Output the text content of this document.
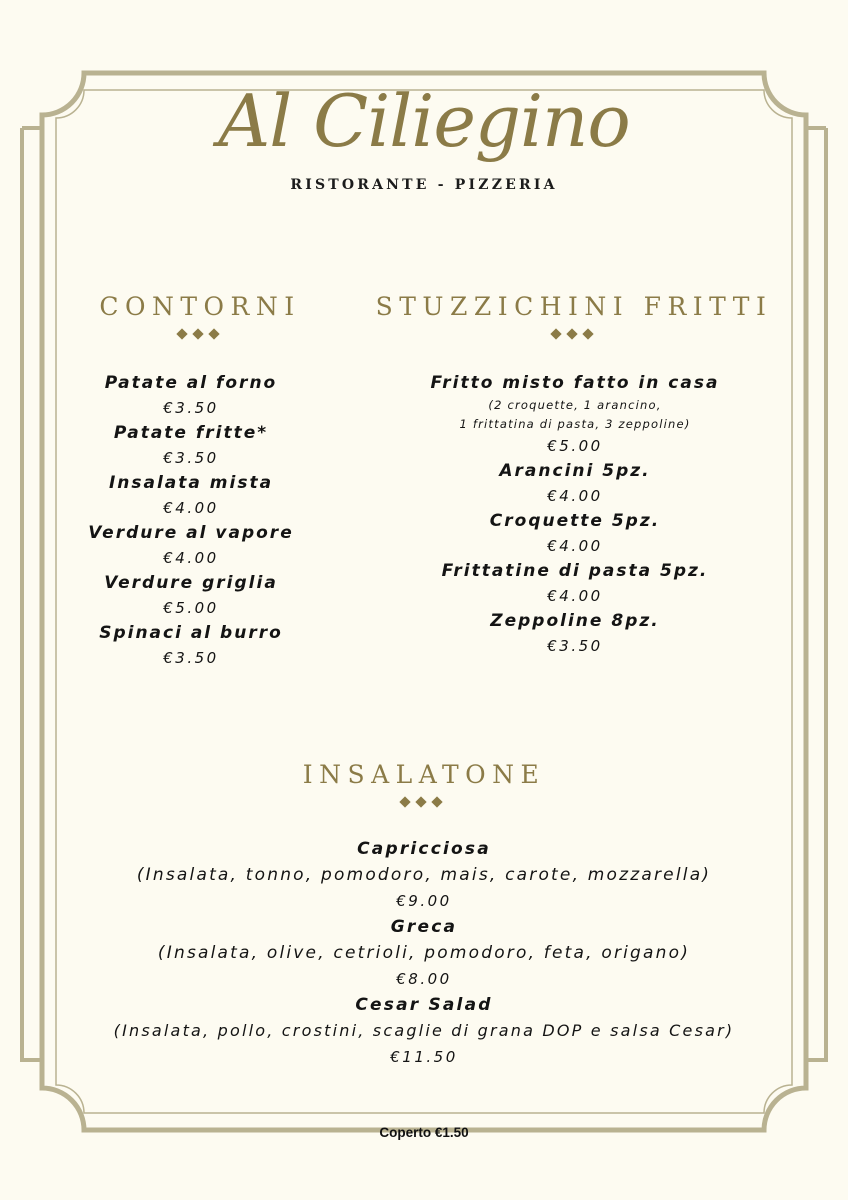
Al Ciliegino
RISTORANTE - PIZZERIA
CONTORNI
Patate al forno
€3.50
Patate fritte*
€3.50
Insalata mista
€4.00
Verdure al vapore
€4.00
Verdure griglia
€5.00
Spinaci al burro
€3.50
STUZZICHINI FRITTI
Fritto misto fatto in casa
(2 croquette, 1 arancino,
1 frittatina di pasta, 3 zeppoline)
€5.00
Arancini 5pz.
€4.00
Croquette 5pz.
€4.00
Frittatine di pasta 5pz.
€4.00
Zeppoline 8pz.
€3.50
INSALATONE
Capricciosa
(Insalata, tonno, pomodoro, mais, carote, mozzarella)
€9.00
Greca
(Insalata, olive, cetrioli, pomodoro, feta, origano)
€8.00
Cesar Salad
(Insalata, pollo, crostini, scaglie di grana DOP e salsa Cesar)
€11.50
Coperto €1.50
